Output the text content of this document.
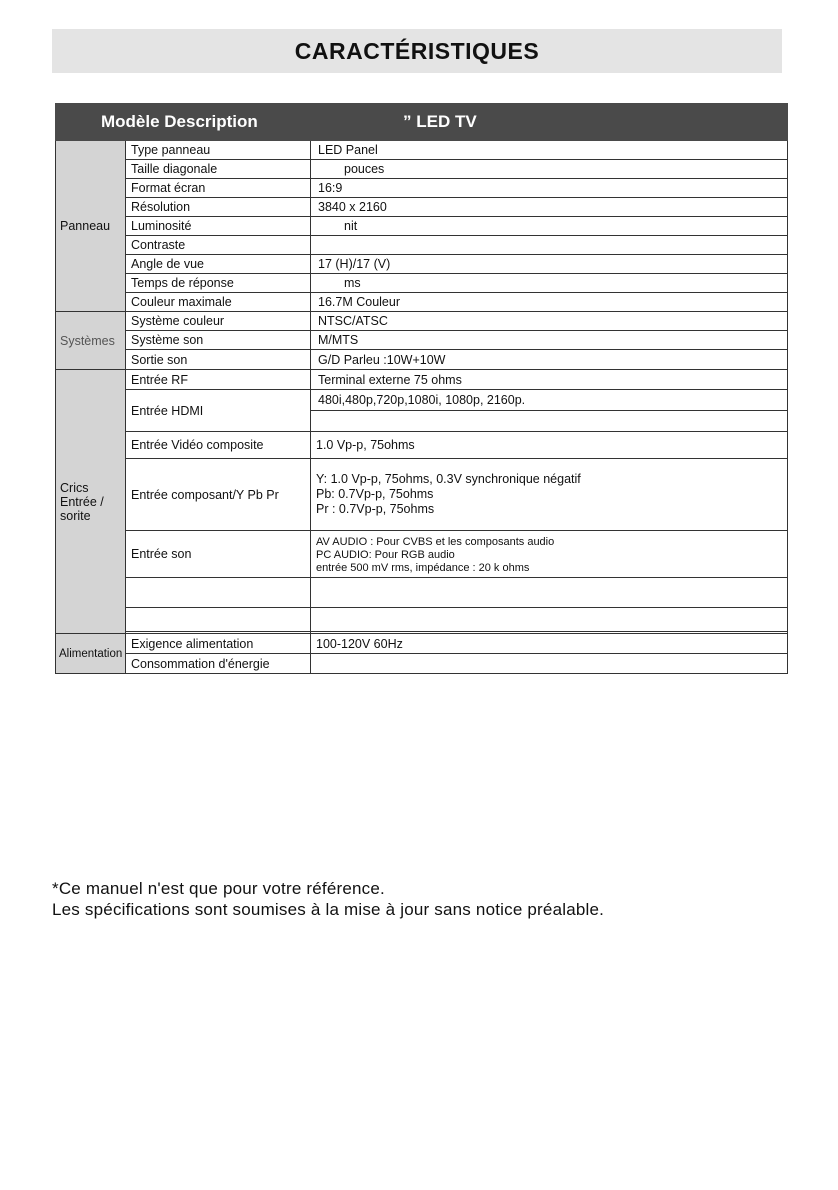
CARACTÉRISTIQUES
Modèle Description		” LED TV
Panneau	Type panneau	LED Panel
	Taille diagonale	pouces
	Format écran	16:9
	Résolution	3840 x 2160
	Luminosité	nit
	Contraste	
	Angle de vue	17 (H)/17 (V)
	Temps de réponse	ms
	Couleur maximale	16.7M Couleur
Systèmes	Système couleur	NTSC/ATSC
	Système son	M/MTS
	Sortie son	G/D Parleu :10W+10W
Crics
Entrée /
sorite	Entrée RF	Terminal externe 75 ohms
	Entrée HDMI	480i,480p,720p,1080i, 1080p, 2160p.

	Entrée Vidéo composite	1.0 Vp-p, 75ohms
	Entrée composant/Y Pb Pr	Y: 1.0 Vp-p, 75ohms, 0.3V synchronique négatif
Pb: 0.7Vp-p, 75ohms
Pr : 0.7Vp-p, 75ohms
	Entrée son	AV AUDIO : Pour CVBS et les composants audio
PC AUDIO: Pour RGB audio
entrée 500 mV rms, impédance : 20 k ohms

Alimentation	Exigence alimentation	100-120V 60Hz
	Consommation d'énergie	
*Ce manuel n'est que pour votre référence.
Les spécifications sont soumises à la mise à jour sans notice préalable.
